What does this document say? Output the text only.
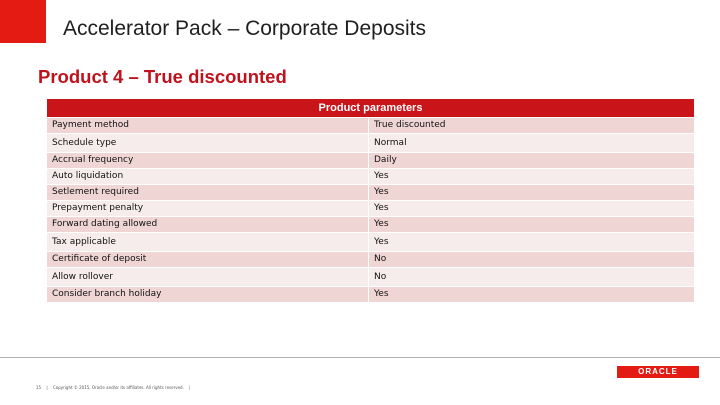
Accelerator Pack – Corporate Deposits
Product 4 – True discounted
Product parameters
Payment method	True discounted
Schedule type	Normal
Accrual frequency	Daily
Auto liquidation	Yes
Setlement required	Yes
Prepayment penalty	Yes
Forward dating allowed	Yes
Tax applicable	Yes
Certificate of deposit	No
Allow rollover	No
Consider branch holiday	Yes
15 | Copyright © 2015, Oracle and/or its affiliates. All rights reserved. |
ORACLE
